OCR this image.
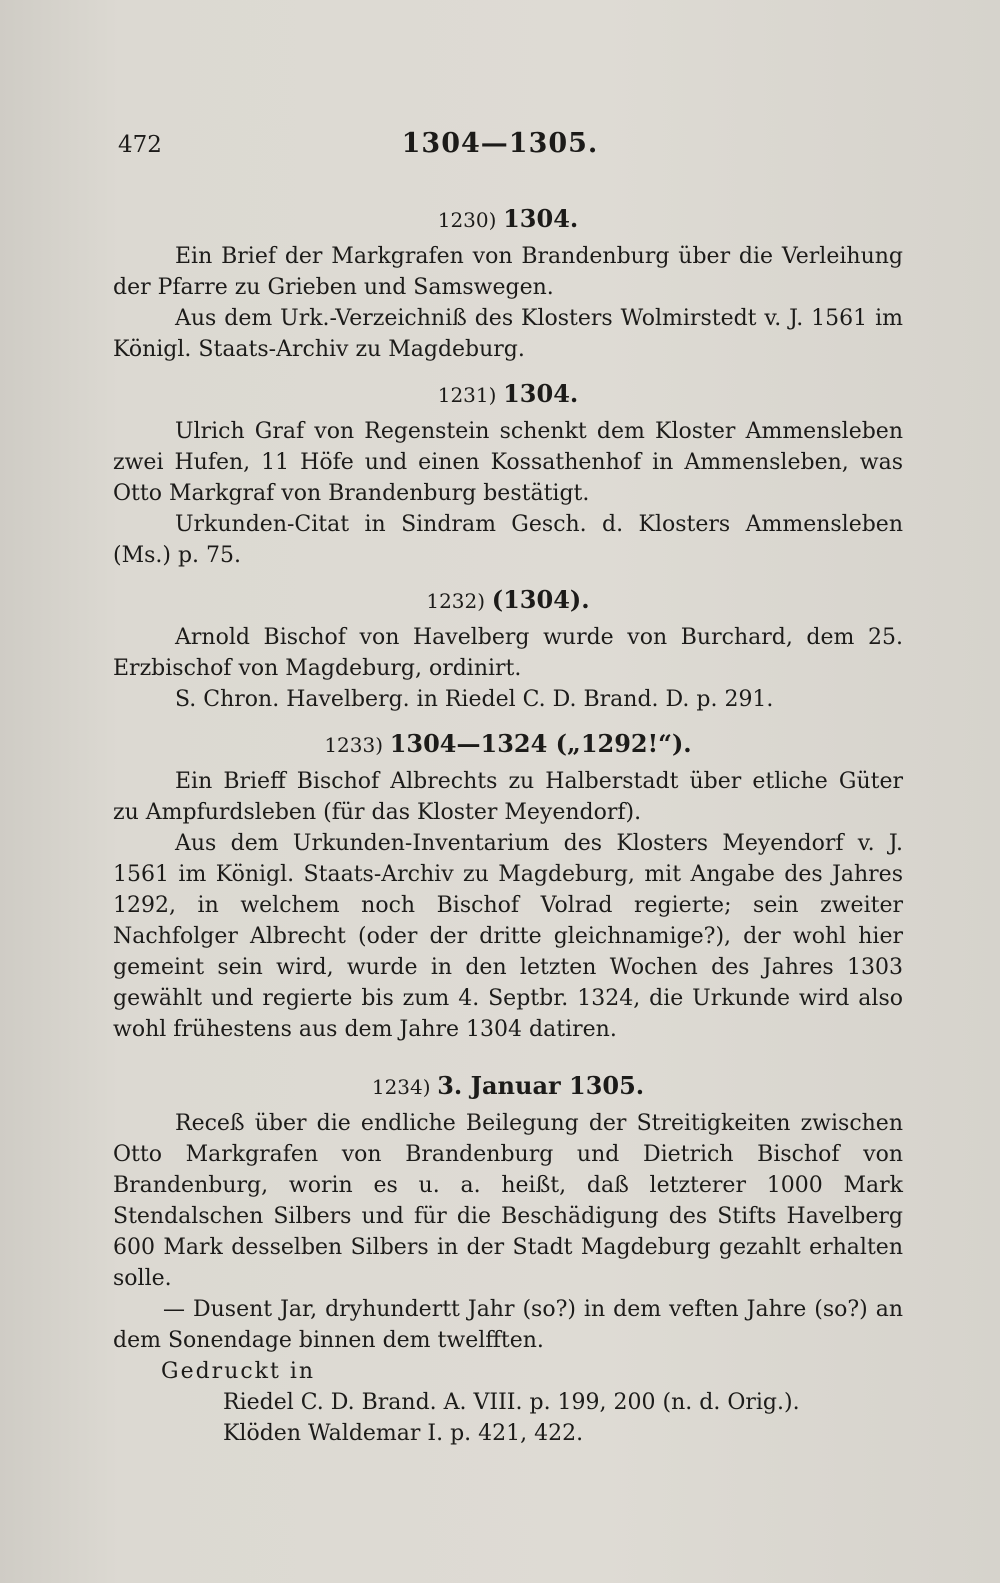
472	1304—1305.
1230) 1304.

Ein Brief der Markgrafen von Brandenburg über die Verleihung der Pfarre zu Grieben und Samswegen.

Aus dem Urk.-Verzeichniß des Klosters Wolmirstedt v. J. 1561 im Königl. Staats-Archiv zu Magdeburg.

1231) 1304.

Ulrich Graf von Regenstein schenkt dem Kloster Ammensleben zwei Hufen, 11 Höfe und einen Kossathenhof in Ammensleben, was Otto Markgraf von Brandenburg bestätigt.

Urkunden-Citat in Sindram Gesch. d. Klosters Ammensleben (Ms.) p. 75.

1232) (1304).

Arnold Bischof von Havelberg wurde von Burchard, dem 25. Erzbischof von Magdeburg, ordinirt.

S. Chron. Havelberg. in Riedel C. D. Brand. D. p. 291.

1233) 1304—1324 („1292!“).

Ein Brieff Bischof Albrechts zu Halberstadt über etliche Güter zu Ampfurdsleben (für das Kloster Meyendorf).

Aus dem Urkunden-Inventarium des Klosters Meyendorf v. J. 1561 im Königl. Staats-Archiv zu Magdeburg, mit Angabe des Jahres 1292, in welchem noch Bischof Volrad regierte; sein zweiter Nachfolger Albrecht (oder der dritte gleichnamige?), der wohl hier gemeint sein wird, wurde in den letzten Wochen des Jahres 1303 gewählt und regierte bis zum 4. Septbr. 1324, die Urkunde wird also wohl frühestens aus dem Jahre 1304 datiren.

1234) 3. Januar 1305.

Receß über die endliche Beilegung der Streitigkeiten zwischen Otto Markgrafen von Brandenburg und Dietrich Bischof von Brandenburg, worin es u. a. heißt, daß letzterer 1000 Mark Stendalschen Silbers und für die Beschädigung des Stifts Havelberg 600 Mark desselben Silbers in der Stadt Magdeburg gezahlt erhalten solle.

— Dusent Jar, dryhundertt Jahr (so?) in dem veften Jahre (so?) an dem Sonendage binnen dem twelfften.

Gedruckt in

Riedel C. D. Brand. A. VIII. p. 199, 200 (n. d. Orig.).

Klöden Waldemar I. p. 421, 422.
